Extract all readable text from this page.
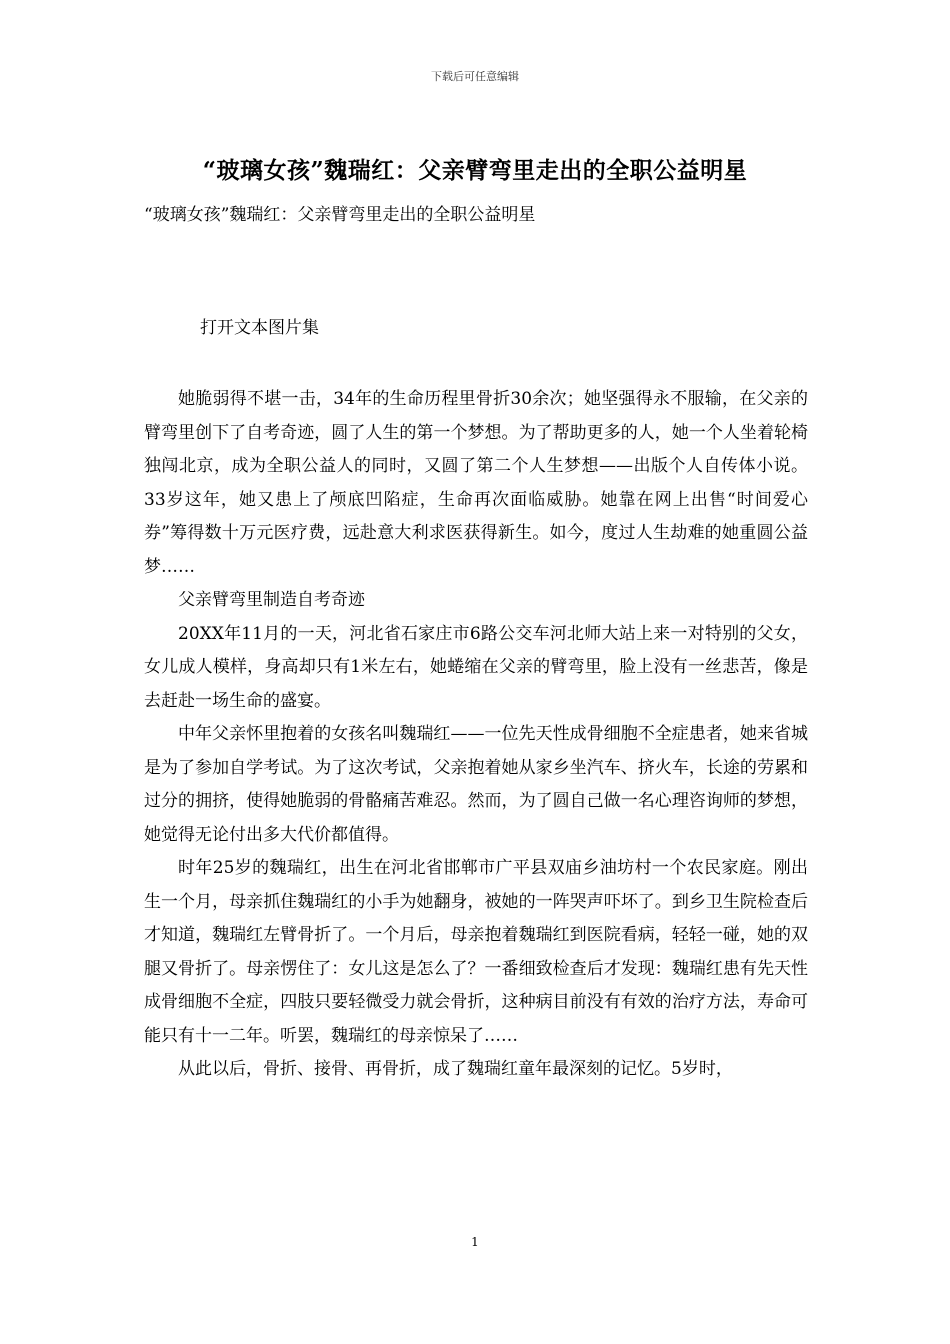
下载后可任意编辑
“玻璃女孩”魏瑞红：父亲臂弯里走出的全职公益明星
“玻璃女孩”魏瑞红：父亲臂弯里走出的全职公益明星
打开文本图片集

她脆弱得不堪一击，34年的生命历程里骨折30余次；她坚强得永不服输，在父亲的臂弯里创下了自考奇迹，圆了人生的第一个梦想。为了帮助更多的人，她一个人坐着轮椅独闯北京，成为全职公益人的同时，又圆了第二个人生梦想——出版个人自传体小说。33岁这年，她又患上了颅底凹陷症，生命再次面临威胁。她靠在网上出售“时间爱心券”筹得数十万元医疗费，远赴意大利求医获得新生。如今，度过人生劫难的她重圆公益梦……

父亲臂弯里制造自考奇迹

20XX年11月的一天，河北省石家庄市6路公交车河北师大站上来一对特别的父女，女儿成人模样，身高却只有1米左右，她蜷缩在父亲的臂弯里，脸上没有一丝悲苦，像是去赶赴一场生命的盛宴。

中年父亲怀里抱着的女孩名叫魏瑞红——一位先天性成骨细胞不全症患者，她来省城是为了参加自学考试。为了这次考试，父亲抱着她从家乡坐汽车、挤火车，长途的劳累和过分的拥挤，使得她脆弱的骨骼痛苦难忍。然而，为了圆自己做一名心理咨询师的梦想，她觉得无论付出多大代价都值得。

时年25岁的魏瑞红，出生在河北省邯郸市广平县双庙乡油坊村一个农民家庭。刚出生一个月，母亲抓住魏瑞红的小手为她翻身，被她的一阵哭声吓坏了。到乡卫生院检查后才知道，魏瑞红左臂骨折了。一个月后，母亲抱着魏瑞红到医院看病，轻轻一碰，她的双腿又骨折了。母亲愣住了：女儿这是怎么了？一番细致检查后才发现：魏瑞红患有先天性成骨细胞不全症，四肢只要轻微受力就会骨折，这种病目前没有有效的治疗方法，寿命可能只有十一二年。听罢，魏瑞红的母亲惊呆了……

从此以后，骨折、接骨、再骨折，成了魏瑞红童年最深刻的记忆。5岁时，

1
